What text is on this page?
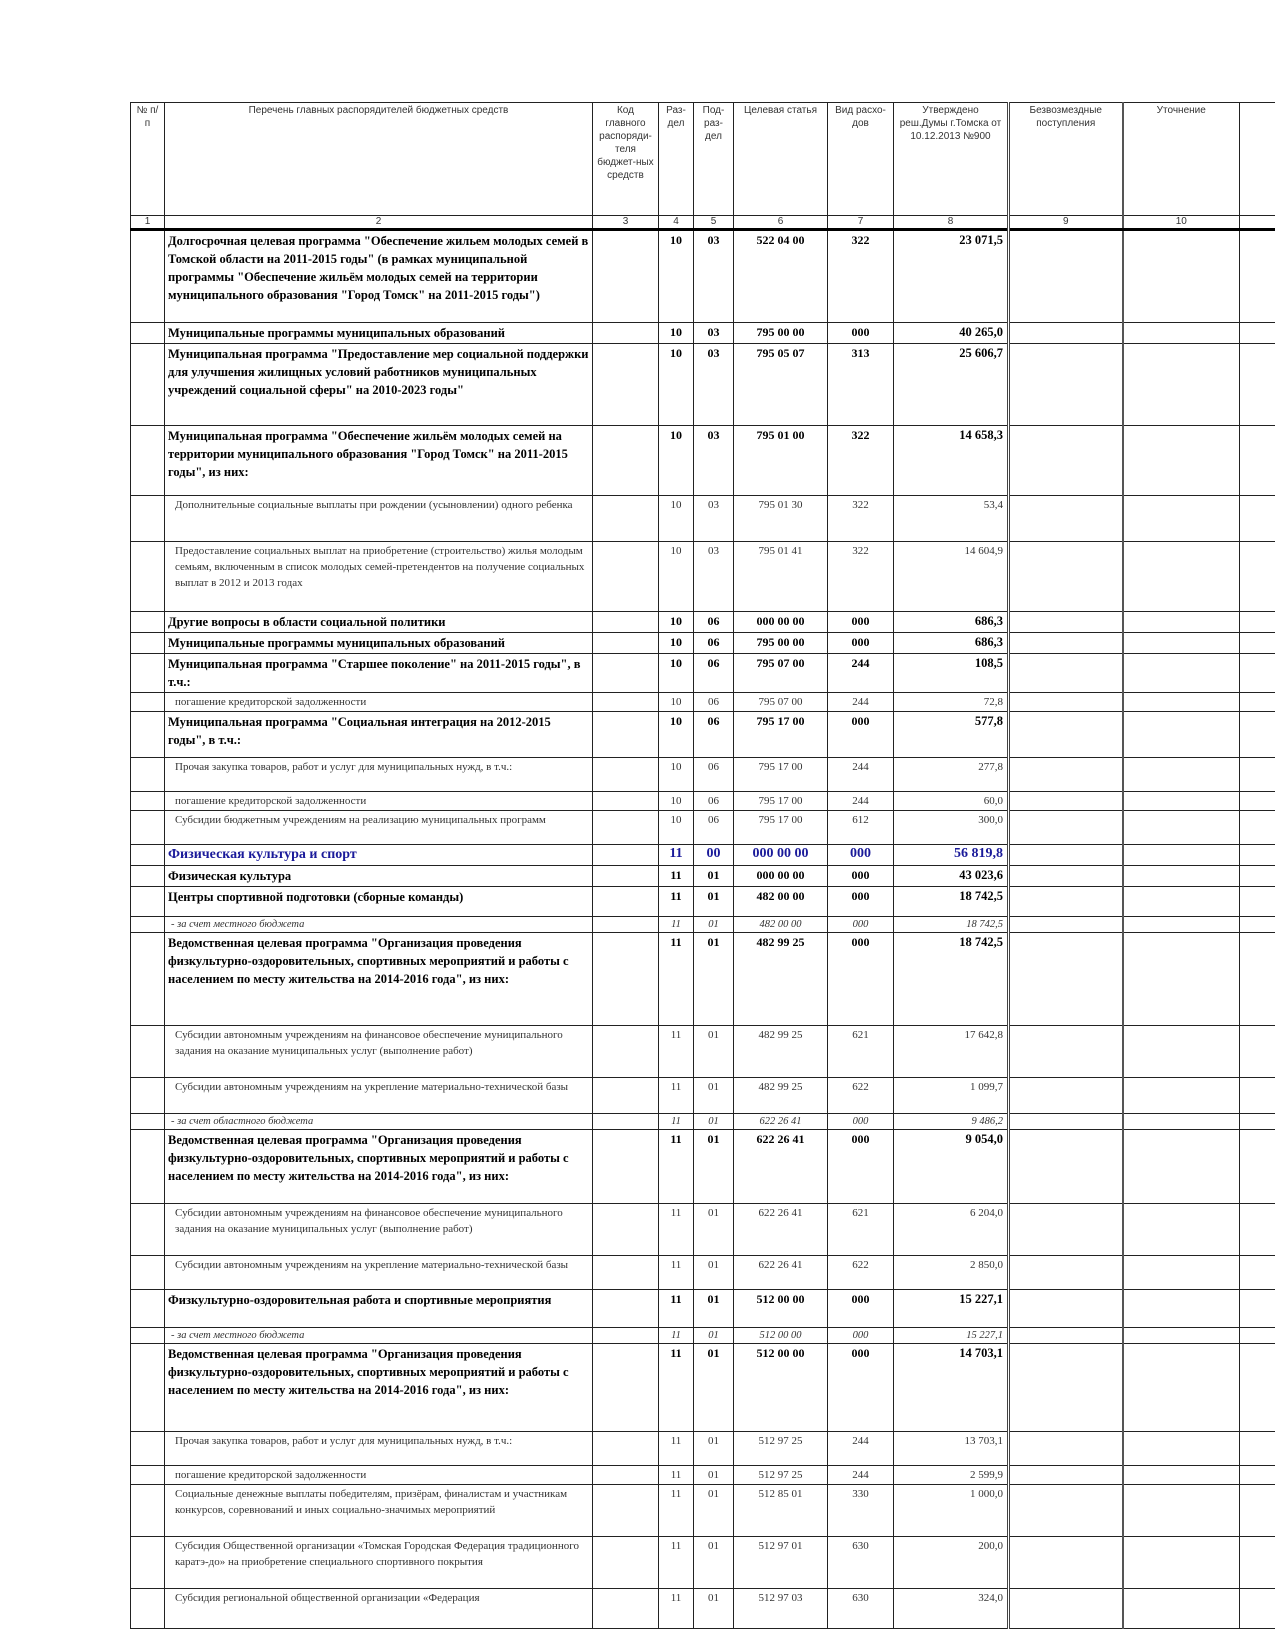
№ п/п	Перечень главных распорядителей бюджетных средств	Код главного распоряди-теля бюджет-ных средств	Раз-дел	Под-раз-дел	Целевая статья	Вид расхо-дов	Утверждено реш.Думы г.Томска от 10.12.2013 №900	Безвозмездные поступления	Уточнение	
1	2	3	4	5	6	7	8	9	10	
	Долгосрочная целевая программа "Обеспечение жильем молодых семей в Томской области на 2011-2015 годы" (в рамках муниципальной программы "Обеспечение жильём молодых семей на территории муниципального образования "Город Томск" на 2011-2015 годы")		10	03	522 04 00	322	23 071,5			
	Муниципальные программы муниципальных образований		10	03	795 00 00	000	40 265,0			
	Муниципальная программа "Предоставление мер социальной поддержки для улучшения жилищных условий работников муниципальных учреждений социальной сферы" на 2010-2023 годы"		10	03	795 05 07	313	25 606,7			
	Муниципальная программа "Обеспечение жильём молодых семей на территории муниципального образования "Город Томск" на 2011-2015 годы", из них:		10	03	795 01 00	322	14 658,3			
	Дополнительные социальные выплаты при рождении (усыновлении) одного ребенка		10	03	795 01 30	322	53,4			
	Предоставление социальных выплат на приобретение (строительство) жилья молодым семьям, включенным в список молодых семей-претендентов на получение социальных выплат в 2012 и 2013 годах		10	03	795 01 41	322	14 604,9			
	Другие вопросы в области социальной политики		10	06	000 00 00	000	686,3			
	Муниципальные программы муниципальных образований		10	06	795 00 00	000	686,3			
	Муниципальная программа "Старшее поколение" на 2011-2015 годы", в т.ч.:		10	06	795 07 00	244	108,5			
	погашение кредиторской задолженности		10	06	795 07 00	244	72,8			
	Муниципальная программа "Социальная интеграция на 2012-2015 годы", в т.ч.:		10	06	795 17 00	000	577,8			
	Прочая закупка товаров, работ и услуг для муниципальных нужд, в т.ч.:		10	06	795 17 00	244	277,8			
	погашение кредиторской задолженности		10	06	795 17 00	244	60,0			
	Субсидии бюджетным учреждениям на реализацию муниципальных программ		10	06	795 17 00	612	300,0			
	Физическая культура и спорт		11	00	000 00 00	000	56 819,8			
	Физическая культура		11	01	000 00 00	000	43 023,6			
	Центры спортивной подготовки (сборные команды)		11	01	482 00 00	000	18 742,5			
	- за счет местного бюджета		11	01	482 00 00	000	18 742,5			
	Ведомственная целевая программа "Организация проведения физкультурно-оздоровительных, спортивных мероприятий и работы с населением по месту жительства на 2014-2016 года", из них:		11	01	482 99 25	000	18 742,5			
	Субсидии автономным учреждениям на финансовое обеспечение муниципального задания на оказание муниципальных услуг (выполнение работ)		11	01	482 99 25	621	17 642,8			
	Субсидии автономным учреждениям на укрепление материально-технической базы		11	01	482 99 25	622	1 099,7			
	- за счет областного бюджета		11	01	622 26 41	000	9 486,2			
	Ведомственная целевая программа "Организация проведения физкультурно-оздоровительных, спортивных мероприятий и работы с населением по месту жительства на 2014-2016 года", из них:		11	01	622 26 41	000	9 054,0			
	Субсидии автономным учреждениям на финансовое обеспечение муниципального задания на оказание муниципальных услуг (выполнение работ)		11	01	622 26 41	621	6 204,0			
	Субсидии автономным учреждениям на укрепление материально-технической базы		11	01	622 26 41	622	2 850,0			
	Физкультурно-оздоровительная работа и спортивные мероприятия		11	01	512 00 00	000	15 227,1			
	- за счет местного бюджета		11	01	512 00 00	000	15 227,1			
	Ведомственная целевая программа "Организация проведения физкультурно-оздоровительных, спортивных мероприятий и работы с населением по месту жительства на 2014-2016 года", из них:		11	01	512 00 00	000	14 703,1			
	Прочая закупка товаров, работ и услуг для муниципальных нужд, в т.ч.:		11	01	512 97 25	244	13 703,1			
	погашение кредиторской задолженности		11	01	512 97 25	244	2 599,9			
	Социальные денежные выплаты победителям, призёрам, финалистам и участникам конкурсов, соревнований и иных социально-значимых мероприятий		11	01	512 85 01	330	1 000,0			
	Субсидия Общественной организации «Томская Городская Федерация традиционного каратэ-до» на приобретение специального спортивного покрытия		11	01	512 97 01	630	200,0			
	Субсидия региональной общественной организации «Федерация		11	01	512 97 03	630	324,0			
